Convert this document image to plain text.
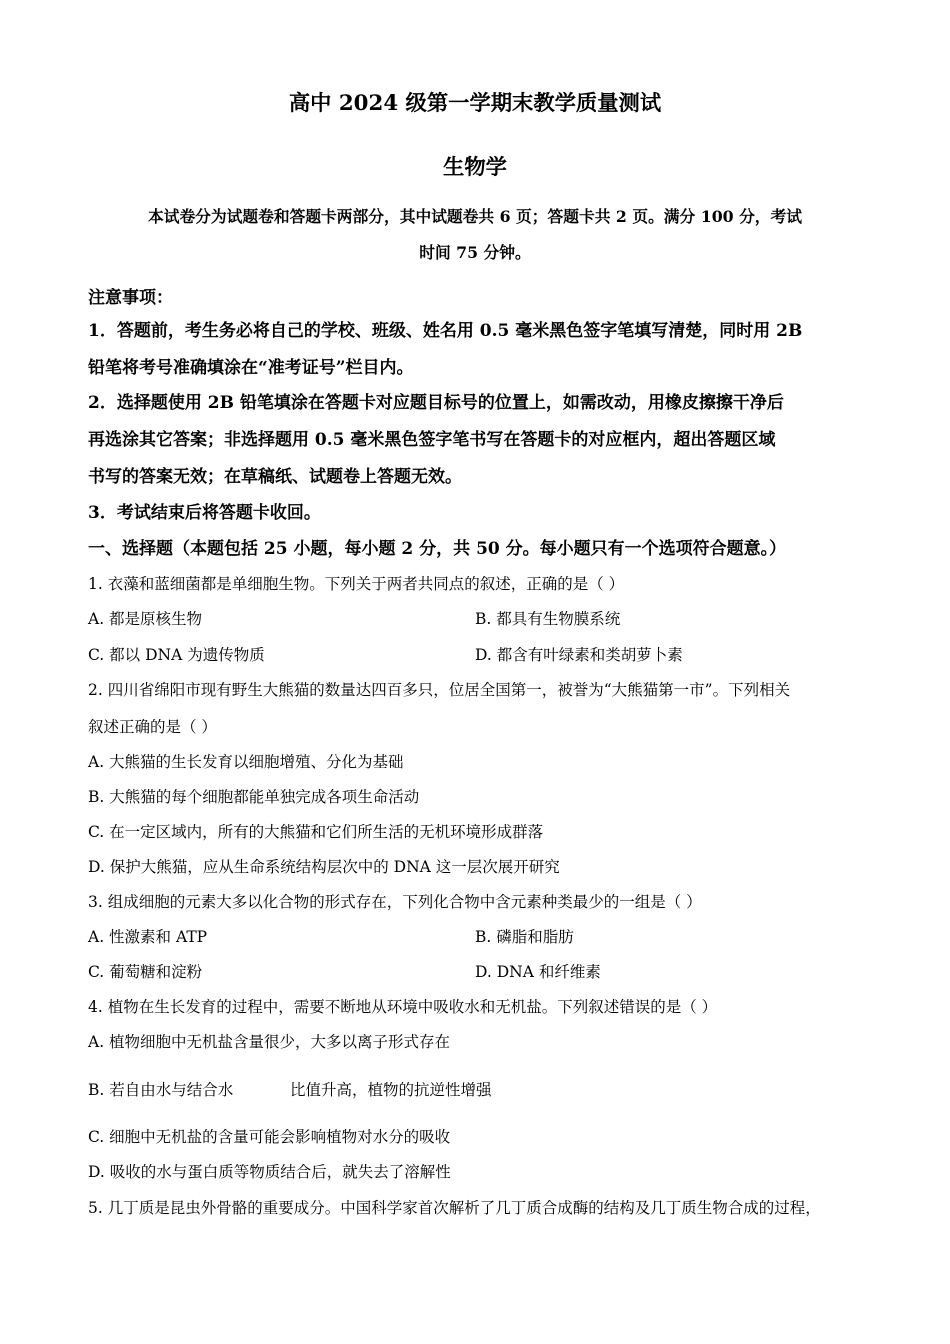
高中 2024 级第一学期末教学质量测试
生物学
本试卷分为试题卷和答题卡两部分，其中试题卷共 6 页；答题卡共 2 页。满分 100 分，考试
时间 75 分钟。
注意事项：
1．答题前，考生务必将自己的学校、班级、姓名用 0.5 毫米黑色签字笔填写清楚，同时用 2B
铅笔将考号准确填涂在“准考证号”栏目内。
2．选择题使用 2B 铅笔填涂在答题卡对应题目标号的位置上，如需改动，用橡皮擦擦干净后
再选涂其它答案；非选择题用 0.5 毫米黑色签字笔书写在答题卡的对应框内，超出答题区域
书写的答案无效；在草稿纸、试题卷上答题无效。
3．考试结束后将答题卡收回。
一、选择题（本题包括 25 小题，每小题 2 分，共 50 分。每小题只有一个选项符合题意。）
1. 衣藻和蓝细菌都是单细胞生物。下列关于两者共同点的叙述，正确的是（ ）
A. 都是原核生物	B. 都具有生物膜系统
C. 都以 DNA 为遗传物质	D. 都含有叶绿素和类胡萝卜素
2. 四川省绵阳市现有野生大熊猫的数量达四百多只，位居全国第一，被誉为“大熊猫第一市”。下列相关
叙述正确的是（ ）
A. 大熊猫的生长发育以细胞增殖、分化为基础
B. 大熊猫的每个细胞都能单独完成各项生命活动
C. 在一定区域内，所有的大熊猫和它们所生活的无机环境形成群落
D. 保护大熊猫，应从生命系统结构层次中的 DNA 这一层次展开研究
3. 组成细胞的元素大多以化合物的形式存在，下列化合物中含元素种类最少的一组是（ ）
A. 性激素和 ATP	B. 磷脂和脂肪
C. 葡萄糖和淀粉	D. DNA 和纤维素
4. 植物在生长发育的过程中，需要不断地从环境中吸收水和无机盐。下列叙述错误的是（ ）
A. 植物细胞中无机盐含量很少，大多以离子形式存在
B. 若自由水与结合水	比值升高，植物的抗逆性增强
C. 细胞中无机盐的含量可能会影响植物对水分的吸收
D. 吸收的水与蛋白质等物质结合后，就失去了溶解性
5. 几丁质是昆虫外骨骼的重要成分。中国科学家首次解析了几丁质合成酶的结构及几丁质生物合成的过程，
